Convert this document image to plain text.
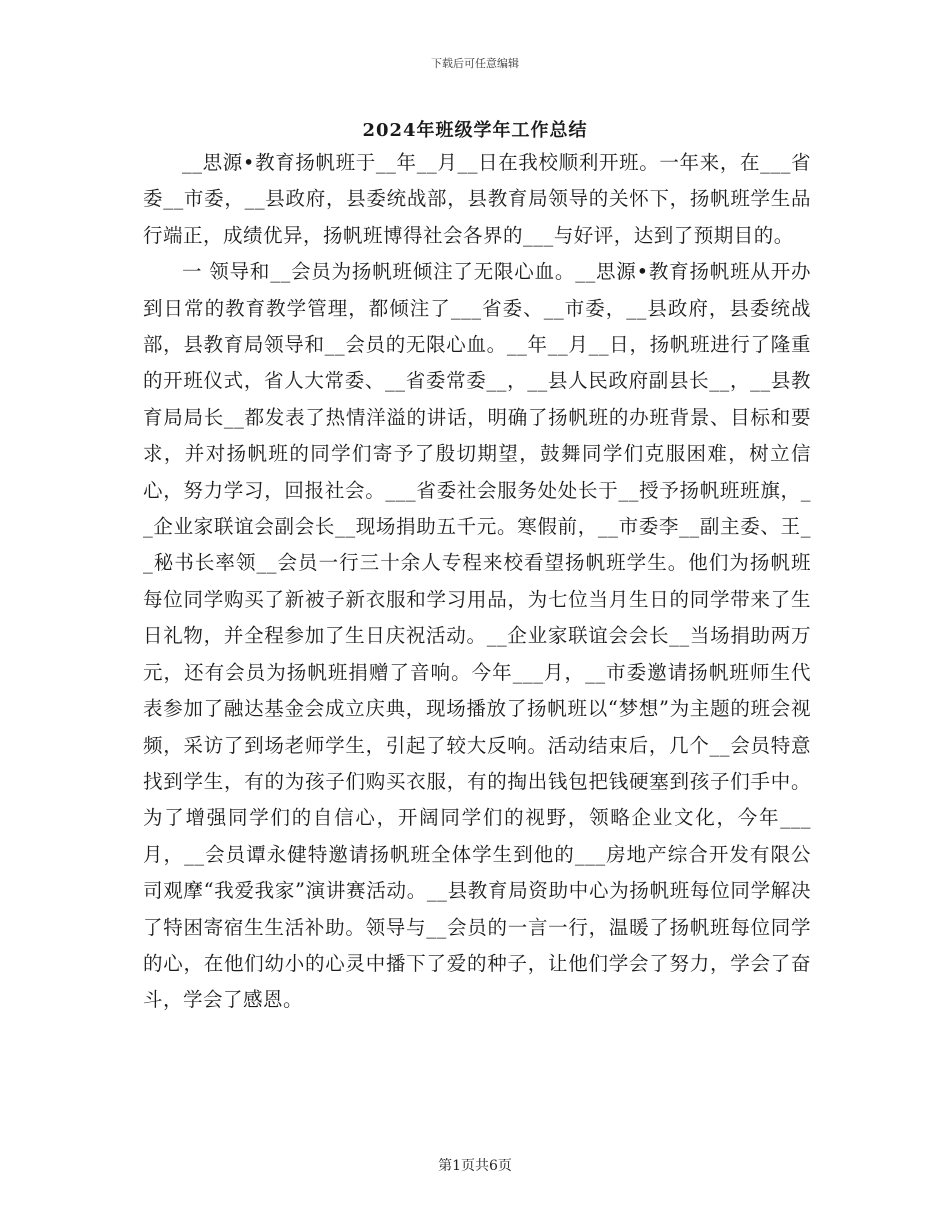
下载后可任意编辑
2024年班级学年工作总结

__思源•教育扬帆班于__年__月__日在我校顺利开班。一年来，在___省委__市委，__县政府，县委统战部，县教育局领导的关怀下，扬帆班学生品行端正，成绩优异，扬帆班博得社会各界的___与好评，达到了预期目的。

一 领导和__会员为扬帆班倾注了无限心血。__思源•教育扬帆班从开办到日常的教育教学管理，都倾注了___省委、__市委，__县政府，县委统战部，县教育局领导和__会员的无限心血。__年__月__日，扬帆班进行了隆重的开班仪式，省人大常委、__省委常委__，__县人民政府副县长__，__县教育局局长__都发表了热情洋溢的讲话，明确了扬帆班的办班背景、目标和要求，并对扬帆班的同学们寄予了殷切期望，鼓舞同学们克服困难，树立信心，努力学习，回报社会。___省委社会服务处处长于__授予扬帆班班旗，__企业家联谊会副会长__现场捐助五千元。寒假前，__市委李__副主委、王__秘书长率领__会员一行三十余人专程来校看望扬帆班学生。他们为扬帆班每位同学购买了新被子新衣服和学习用品，为七位当月生日的同学带来了生日礼物，并全程参加了生日庆祝活动。__企业家联谊会会长__当场捐助两万元，还有会员为扬帆班捐赠了音响。今年___月，__市委邀请扬帆班师生代表参加了融达基金会成立庆典，现场播放了扬帆班以“梦想”为主题的班会视频，采访了到场老师学生，引起了较大反响。活动结束后，几个__会员特意找到学生，有的为孩子们购买衣服，有的掏出钱包把钱硬塞到孩子们手中。为了增强同学们的自信心，开阔同学们的视野，领略企业文化，今年___月，__会员谭永健特邀请扬帆班全体学生到他的___房地产综合开发有限公司观摩“我爱我家”演讲赛活动。__县教育局资助中心为扬帆班每位同学解决了特困寄宿生生活补助。领导与__会员的一言一行，温暖了扬帆班每位同学的心，在他们幼小的心灵中播下了爱的种子，让他们学会了努力，学会了奋斗，学会了感恩。

第1页共6页
